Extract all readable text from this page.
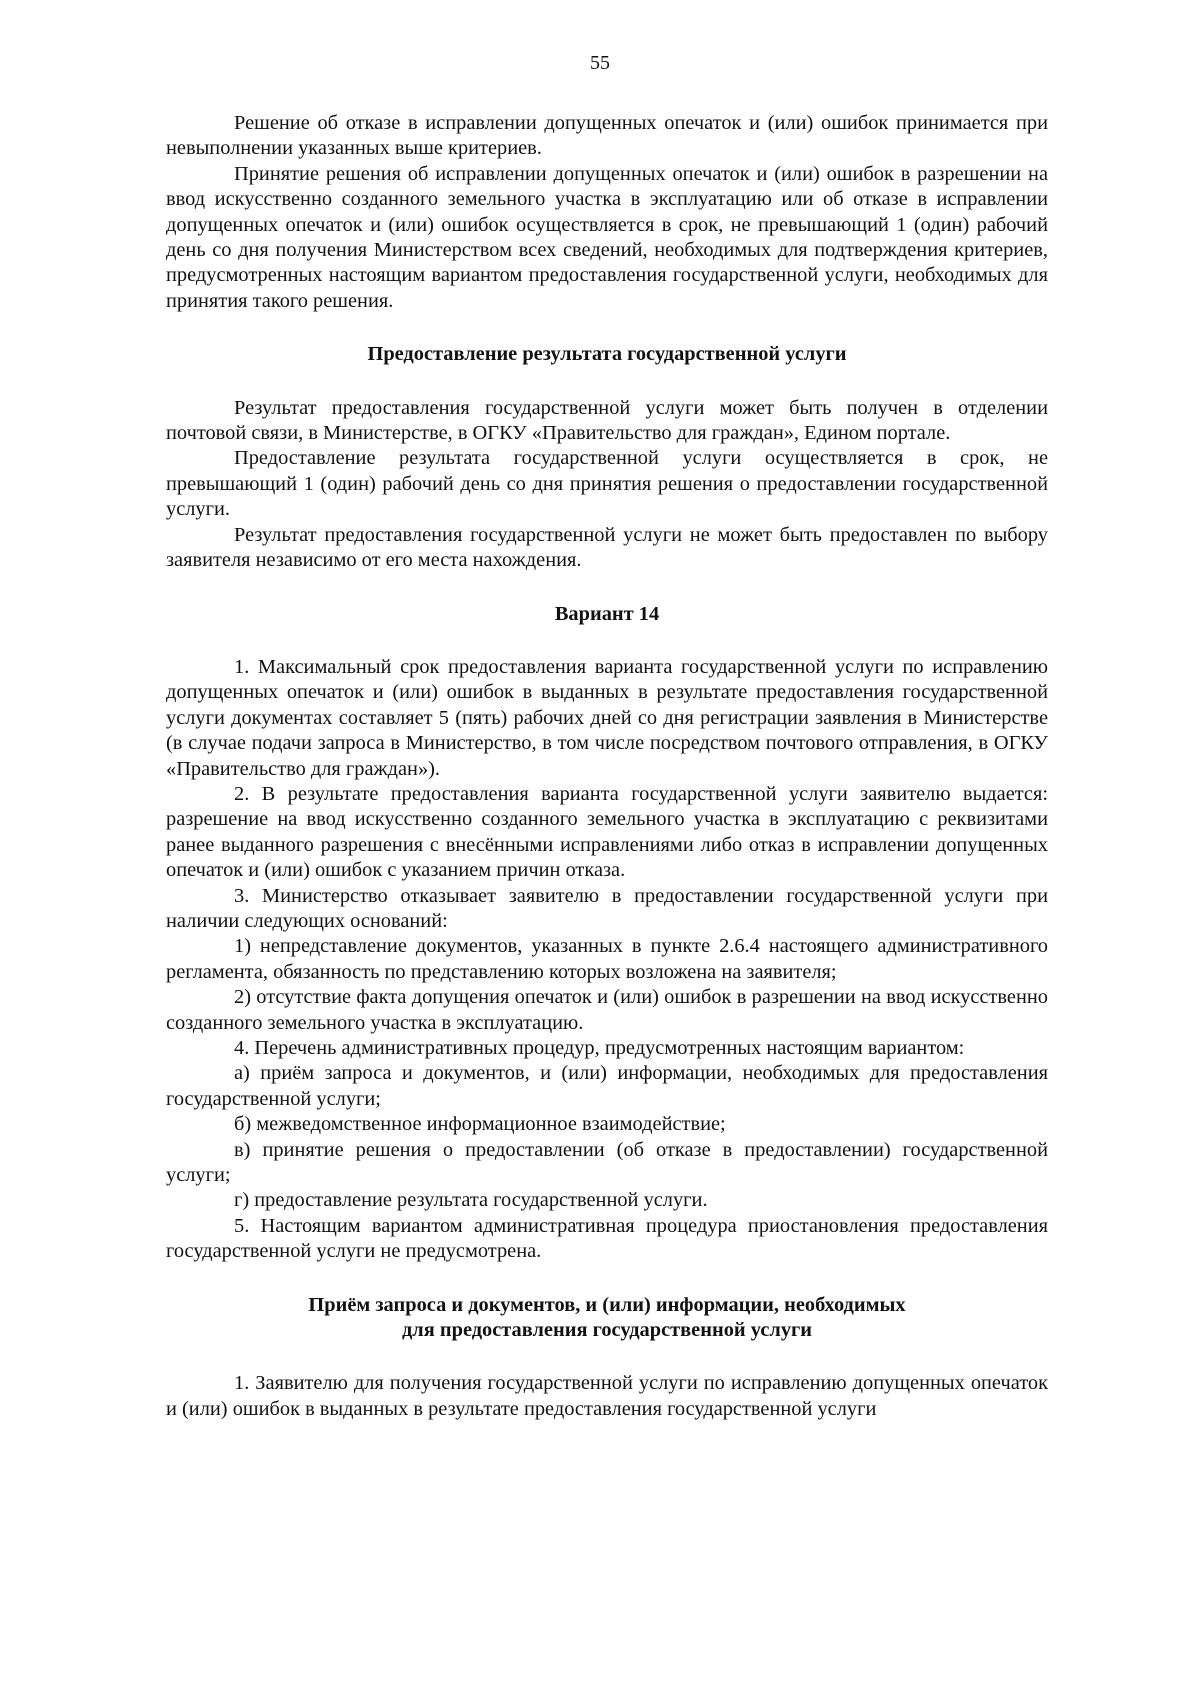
55

Решение об отказе в исправлении допущенных опечаток и (или) ошибок принимается при невыполнении указанных выше критериев.

Принятие решения об исправлении допущенных опечаток и (или) ошибок в разрешении на ввод искусственно созданного земельного участка в эксплуатацию или об отказе в исправлении допущенных опечаток и (или) ошибок осуществляется в срок, не превышающий 1 (один) рабочий день со дня получения Министерством всех сведений, необходимых для подтверждения критериев, предусмотренных настоящим вариантом предоставления государственной услуги, необходимых для принятия такого решения.

Предоставление результата государственной услуги

Результат предоставления государственной услуги может быть получен в отделении почтовой связи, в Министерстве, в ОГКУ «Правительство для граждан», Едином портале.

Предоставление результата государственной услуги осуществляется в срок, не превышающий 1 (один) рабочий день со дня принятия решения о предоставлении государственной услуги.

Результат предоставления государственной услуги не может быть предоставлен по выбору заявителя независимо от его места нахождения.

Вариант 14

1. Максимальный срок предоставления варианта государственной услуги по исправлению допущенных опечаток и (или) ошибок в выданных в результате предоставления государственной услуги документах составляет 5 (пять) рабочих дней со дня регистрации заявления в Министерстве (в случае подачи запроса в Министерство, в том числе посредством почтового отправления, в ОГКУ «Правительство для граждан»).

2. В результате предоставления варианта государственной услуги заявителю выдается: разрешение на ввод искусственно созданного земельного участка в эксплуатацию с реквизитами ранее выданного разрешения с внесёнными исправлениями либо отказ в исправлении допущенных опечаток и (или) ошибок с указанием причин отказа.

3. Министерство отказывает заявителю в предоставлении государственной услуги при наличии следующих оснований:

1) непредставление документов, указанных в пункте 2.6.4 настоящего административного регламента, обязанность по представлению которых возложена на заявителя;

2) отсутствие факта допущения опечаток и (или) ошибок в разрешении на ввод искусственно созданного земельного участка в эксплуатацию.

4. Перечень административных процедур, предусмотренных настоящим вариантом:

а) приём запроса и документов, и (или) информации, необходимых для предоставления государственной услуги;

б) межведомственное информационное взаимодействие;

в) принятие решения о предоставлении (об отказе в предоставлении) государственной услуги;

г) предоставление результата государственной услуги.

5. Настоящим вариантом административная процедура приостановления предоставления государственной услуги не предусмотрена.

Приём запроса и документов, и (или) информации, необходимых
для предоставления государственной услуги

1. Заявителю для получения государственной услуги по исправлению допущенных опечаток и (или) ошибок в выданных в результате предоставления государственной услуги
